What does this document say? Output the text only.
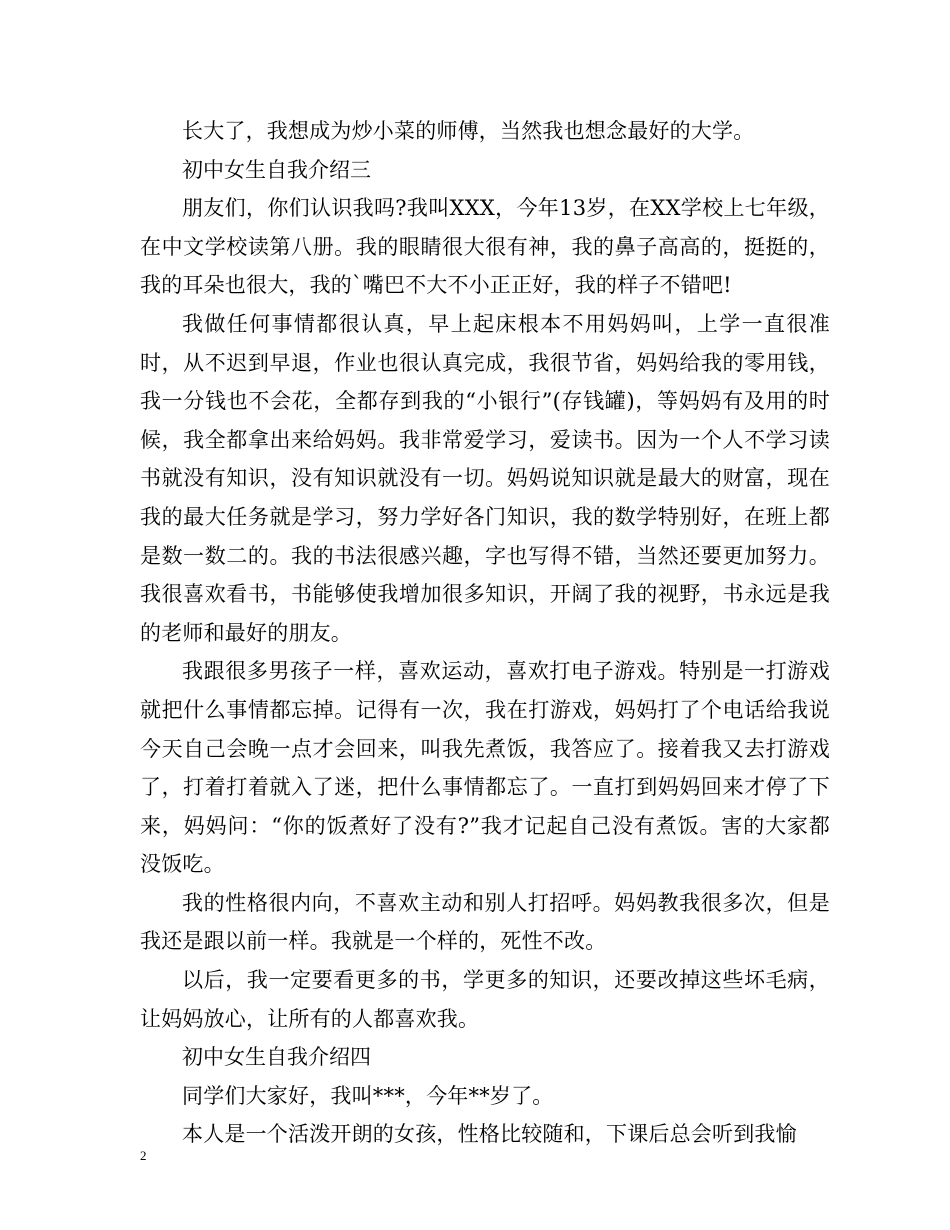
长大了，我想成为炒小菜的师傅，当然我也想念最好的大学。

初中女生自我介绍三

朋友们，你们认识我吗?我叫XXX，今年13岁，在XX学校上七年级，在中文学校读第八册。我的眼睛很大很有神，我的鼻子高高的，挺挺的，我的耳朵也很大，我的`嘴巴不大不小正正好，我的样子不错吧!

我做任何事情都很认真，早上起床根本不用妈妈叫，上学一直很准时，从不迟到早退，作业也很认真完成，我很节省，妈妈给我的零用钱，我一分钱也不会花，全都存到我的“小银行”(存钱罐)，等妈妈有及用的时候，我全都拿出来给妈妈。我非常爱学习，爱读书。因为一个人不学习读书就没有知识，没有知识就没有一切。妈妈说知识就是最大的财富，现在我的最大任务就是学习，努力学好各门知识，我的数学特别好，在班上都是数一数二的。我的书法很感兴趣，字也写得不错，当然还要更加努力。我很喜欢看书，书能够使我增加很多知识，开阔了我的视野，书永远是我的老师和最好的朋友。

我跟很多男孩子一样，喜欢运动，喜欢打电子游戏。特别是一打游戏就把什么事情都忘掉。记得有一次，我在打游戏，妈妈打了个电话给我说今天自己会晚一点才会回来，叫我先煮饭，我答应了。接着我又去打游戏了，打着打着就入了迷，把什么事情都忘了。一直打到妈妈回来才停了下来，妈妈问：“你的饭煮好了没有?”我才记起自己没有煮饭。害的大家都没饭吃。

我的性格很内向，不喜欢主动和别人打招呼。妈妈教我很多次，但是我还是跟以前一样。我就是一个样的，死性不改。

以后，我一定要看更多的书，学更多的知识，还要改掉这些坏毛病，让妈妈放心，让所有的人都喜欢我。

初中女生自我介绍四

同学们大家好，我叫***，今年**岁了。

本人是一个活泼开朗的女孩，性格比较随和，下课后总会听到我愉

2
